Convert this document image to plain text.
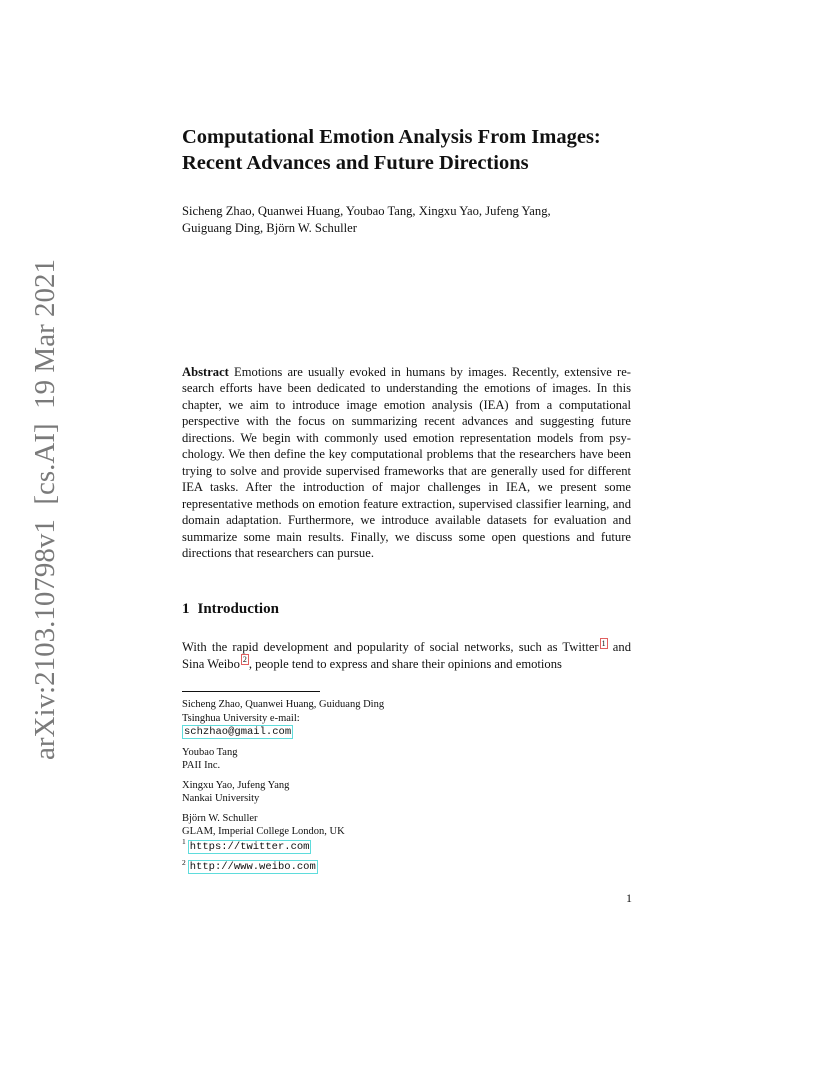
arXiv:2103.10798v1  [cs.AI]  19 Mar 2021
Computational Emotion Analysis From Images:
Recent Advances and Future Directions
Sicheng Zhao, Quanwei Huang, Youbao Tang, Xingxu Yao, Jufeng Yang,
Guiguang Ding, Björn W. Schuller

Abstract Emotions are usually evoked in humans by images. Recently, extensive research efforts have been dedicated to understanding the emotions of images. In this chapter, we aim to introduce image emotion analysis (IEA) from a computational perspective with the focus on summarizing recent advances and suggesting future directions. We begin with commonly used emotion representation models from psychology. We then define the key computational problems that the researchers have been trying to solve and provide supervised frameworks that are generally used for different IEA tasks. After the introduction of major challenges in IEA, we present some representative methods on emotion feature extraction, supervised classifier learning, and domain adaptation. Furthermore, we introduce available datasets for evaluation and summarize some main results. Finally, we discuss some open questions and future directions that researchers can pursue.

1 Introduction

With the rapid development and popularity of social networks, such as Twitter $^1$ and Sina Weibo $^2$ , people tend to express and share their opinions and emotions

Sicheng Zhao, Quanwei Huang, Guiduang Ding
Tsinghua University e-mail:
schzhao@gmail.com
Youbao Tang
PAII Inc.
Xingxu Yao, Jufeng Yang
Nankai University
Björn W. Schuller
GLAM, Imperial College London, UK
$^1$ https://twitter.com
$^2$ http://www.weibo.com
1
